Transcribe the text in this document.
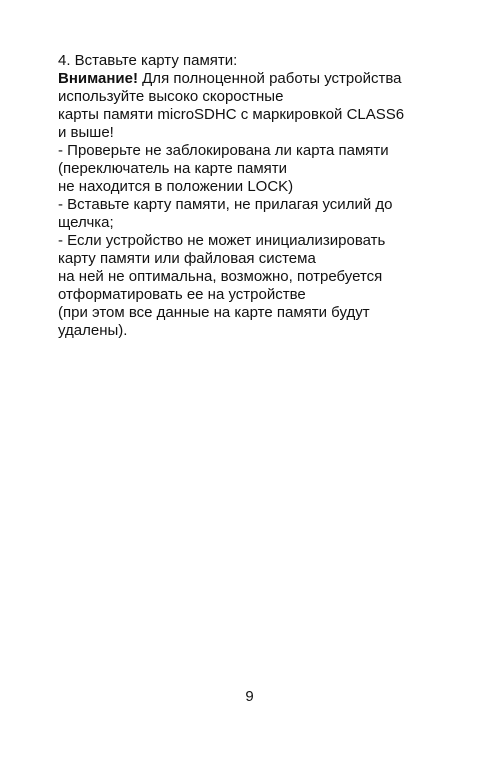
4. Вставьте карту памяти:
Внимание! Для полноценной работы устройства
используйте высоко скоростные
карты памяти microSDHC с маркировкой CLASS6
и выше!
- Проверьте не заблокирована ли карта памяти
(переключатель на карте памяти
не находится в положении LOCK)
- Вставьте карту памяти, не прилагая усилий до
щелчка;
- Если устройство не может инициализировать
карту памяти или файловая система
на ней не оптимальна, возможно, потребуется
отформатировать ее на устройстве
(при этом все данные на карте памяти будут
удалены).
9
